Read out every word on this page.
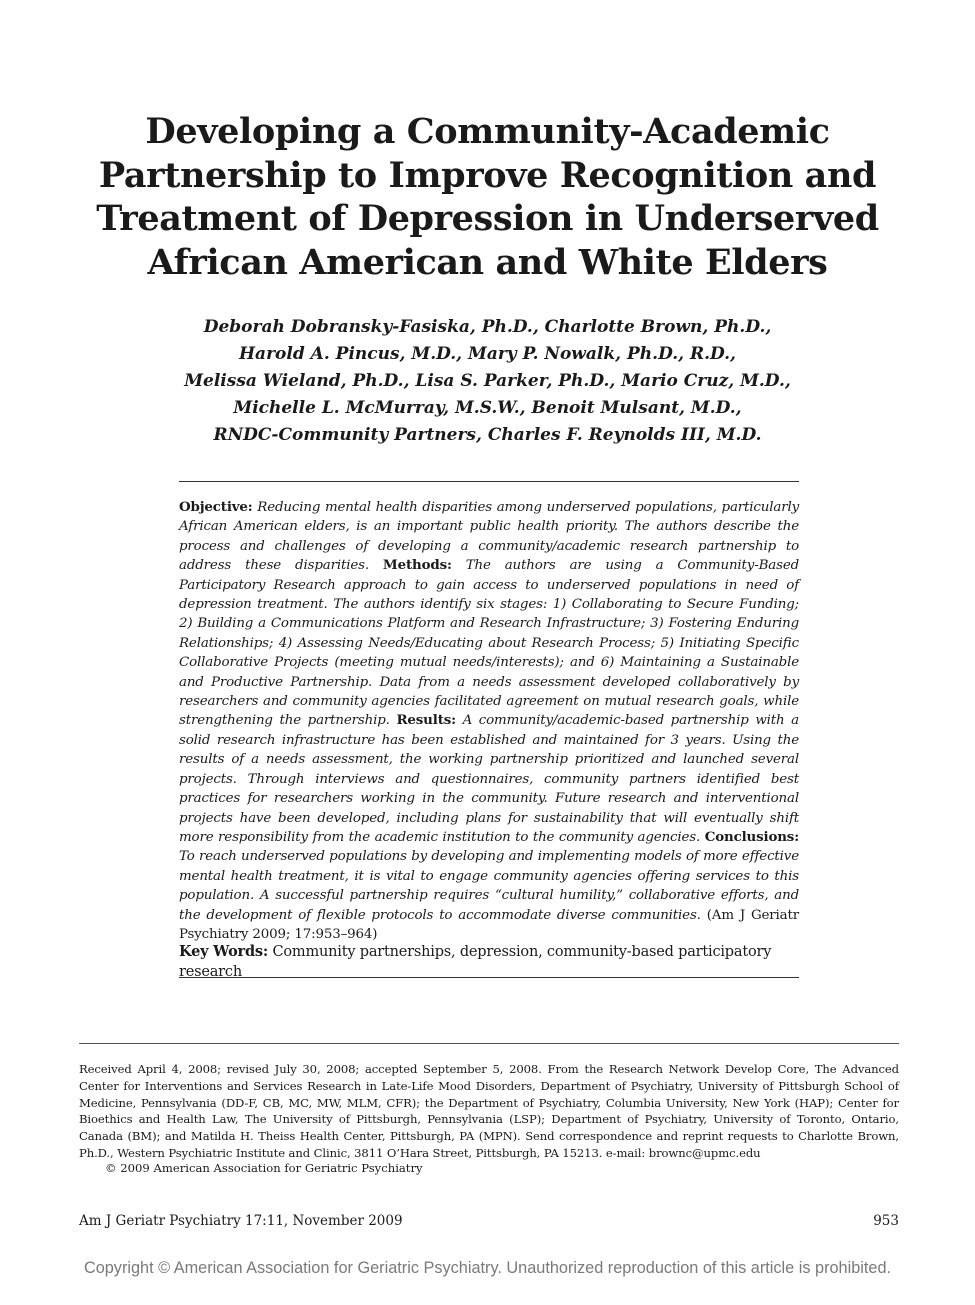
Developing a Community-Academic
Partnership to Improve Recognition and
Treatment of Depression in Underserved
African American and White Elders
Deborah Dobransky-Fasiska, Ph.D., Charlotte Brown, Ph.D.,
Harold A. Pincus, M.D., Mary P. Nowalk, Ph.D., R.D.,
Melissa Wieland, Ph.D., Lisa S. Parker, Ph.D., Mario Cruz, M.D.,
Michelle L. McMurray, M.S.W., Benoit Mulsant, M.D.,
RNDC-Community Partners, Charles F. Reynolds III, M.D.

Objective: Reducing mental health disparities among underserved populations, particularly African American elders, is an important public health priority. The authors describe the process and challenges of developing a community/academic research partnership to address these disparities. Methods: The authors are using a Community-Based Participatory Research approach to gain access to underserved populations in need of depression treatment. The authors identify six stages: 1) Collaborating to Secure Funding; 2) Building a Communications Platform and Research Infrastructure; 3) Fostering Enduring Relationships; 4) Assessing Needs/Educating about Research Process; 5) Initiating Specific Collaborative Projects (meeting mutual needs/interests); and 6) Maintaining a Sustainable and Productive Partnership. Data from a needs assessment developed collaboratively by researchers and community agencies facilitated agreement on mutual research goals, while strengthening the partnership. Results: A community/academic-based partnership with a solid research infrastructure has been established and maintained for 3 years. Using the results of a needs assessment, the working partnership prioritized and launched several projects. Through interviews and questionnaires, community partners identified best practices for researchers working in the community. Future research and interventional projects have been developed, including plans for sustainability that will eventually shift more responsibility from the academic institution to the community agencies. Conclusions: To reach underserved populations by developing and implementing models of more effective mental health treatment, it is vital to engage community agencies offering services to this population. A successful partnership requires “cultural humility,” collaborative efforts, and the development of flexible protocols to accommodate diverse communities. (Am J Geriatr Psychiatry 2009; 17:953–964)

Key Words: Community partnerships, depression, community-based participatory research

Received April 4, 2008; revised July 30, 2008; accepted September 5, 2008. From the Research Network Develop Core, The Advanced Center for Interventions and Services Research in Late-Life Mood Disorders, Department of Psychiatry, University of Pittsburgh School of Medicine, Pennsylvania (DD-F, CB, MC, MW, MLM, CFR); the Department of Psychiatry, Columbia University, New York (HAP); Center for Bioethics and Health Law, The University of Pittsburgh, Pennsylvania (LSP); Department of Psychiatry, University of Toronto, Ontario, Canada (BM); and Matilda H. Theiss Health Center, Pittsburgh, PA (MPN). Send correspondence and reprint requests to Charlotte Brown, Ph.D., Western Psychiatric Institute and Clinic, 3811 O’Hara Street, Pittsburgh, PA 15213. e-mail: brownc@upmc.edu

© 2009 American Association for Geriatric Psychiatry
Am J Geriatr Psychiatry 17:11, November 2009	953
Copyright © American Association for Geriatric Psychiatry. Unauthorized reproduction of this article is prohibited.
